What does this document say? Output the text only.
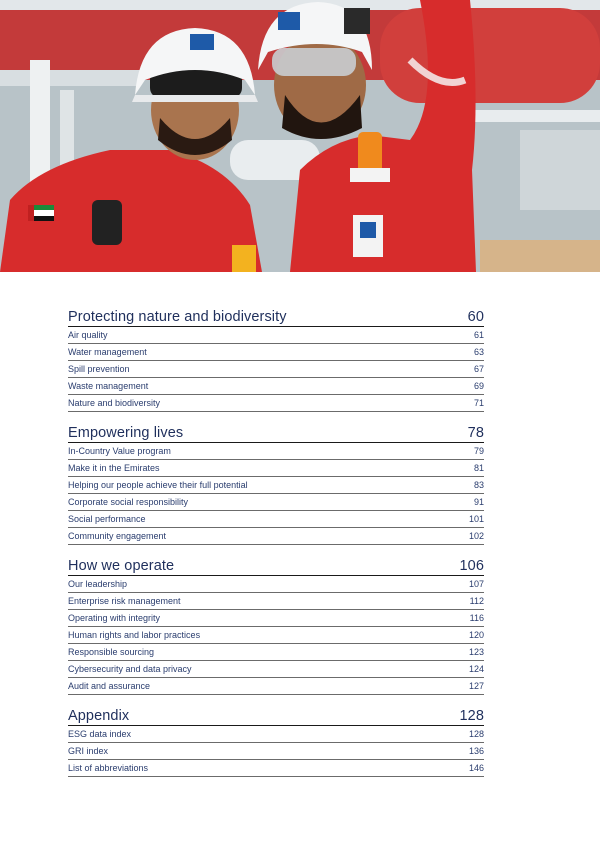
Protecting nature and biodiversity	60
Air quality	61
Water management	63
Spill prevention	67
Waste management	69
Nature and biodiversity	71
Empowering lives	78
In-Country Value program	79
Make it in the Emirates	81
Helping our people achieve their full potential	83
Corporate social responsibility	91
Social performance	101
Community engagement	102
How we operate	106
Our leadership	107
Enterprise risk management	112
Operating with integrity	116
Human rights and labor practices	120
Responsible sourcing	123
Cybersecurity and data privacy	124
Audit and assurance	127
Appendix	128
ESG data index	128
GRI index	136
List of abbreviations	146
